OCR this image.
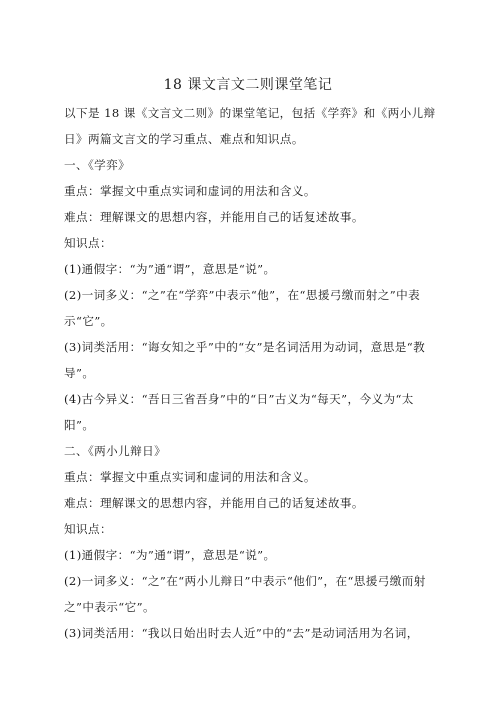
18 课文言文二则课堂笔记

以下是 18 课《文言文二则》的课堂笔记，包括《学弈》和《两小儿辩日》两篇文言文的学习重点、难点和知识点。

一、《学弈》

重点：掌握文中重点实词和虚词的用法和含义。

难点：理解课文的思想内容，并能用自己的话复述故事。

知识点：

(1)通假字：“为”通“谓”，意思是“说”。

(2)一词多义：“之”在“学弈”中表示“他”，在“思援弓缴而射之”中表示“它”。

(3)词类活用：“诲女知之乎”中的“女”是名词活用为动词，意思是“教导”。

(4)古今异义：“吾日三省吾身”中的“日”古义为“每天”，今义为“太阳”。

二、《两小儿辩日》

重点：掌握文中重点实词和虚词的用法和含义。

难点：理解课文的思想内容，并能用自己的话复述故事。

知识点：

(1)通假字：“为”通“谓”，意思是“说”。

(2)一词多义：“之”在“两小儿辩日”中表示“他们”，在“思援弓缴而射之”中表示“它”。

(3)词类活用：“我以日始出时去人近”中的“去”是动词活用为名词，
